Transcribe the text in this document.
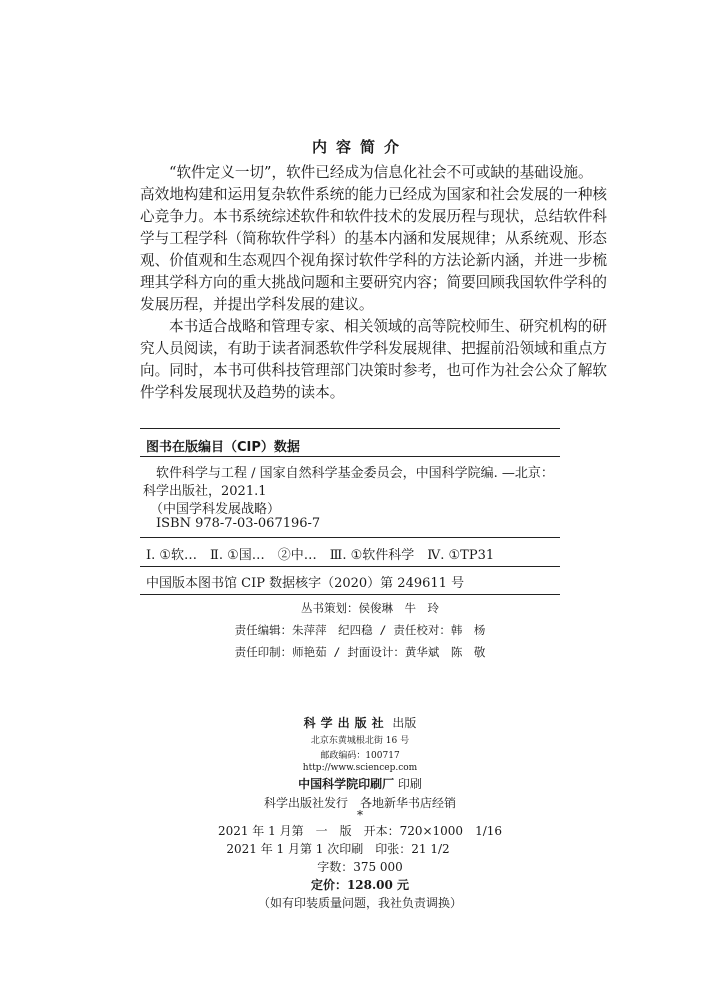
内容简介
“软件定义一切”，软件已经成为信息化社会不可或缺的基础设施。
高效地构建和运用复杂软件系统的能力已经成为国家和社会发展的一种核
心竞争力。本书系统综述软件和软件技术的发展历程与现状，总结软件科
学与工程学科（简称软件学科）的基本内涵和发展规律；从系统观、形态
观、价值观和生态观四个视角探讨软件学科的方法论新内涵，并进一步梳
理其学科方向的重大挑战问题和主要研究内容；简要回顾我国软件学科的
发展历程，并提出学科发展的建议。
本书适合战略和管理专家、相关领域的高等院校师生、研究机构的研
究人员阅读，有助于读者洞悉软件学科发展规律、把握前沿领域和重点方
向。同时，本书可供科技管理部门决策时参考，也可作为社会公众了解软
件学科发展现状及趋势的读本。
图书在版编目（CIP）数据
软件科学与工程 / 国家自然科学基金委员会，中国科学院编. —北京：
科学出版社，2021.1
（中国学科发展战略）
ISBN 978-7-03-067196-7
Ⅰ. ①软…　Ⅱ. ①国…　②中…　Ⅲ. ①软件科学　Ⅳ. ①TP31
中国版本图书馆 CIP 数据核字（2020）第 249611 号
丛书策划：侯俊琳　牛　玲
责任编辑：朱萍萍　纪四稳 / 责任校对：韩　杨
责任印制：师艳茹 / 封面设计：黄华斌　陈　敬
科学出版社 出版
北京东黄城根北街 16 号
邮政编码：100717
http://www.sciencep.com
中国科学院印刷厂 印刷
科学出版社发行　各地新华书店经销
*
2021 年 1 月第　一　版　开本：720×1000　1/16
2021 年 1 月第 1 次印刷　印张：21 1/2
字数：375 000
定价：128.00 元
（如有印装质量问题，我社负责调换）
